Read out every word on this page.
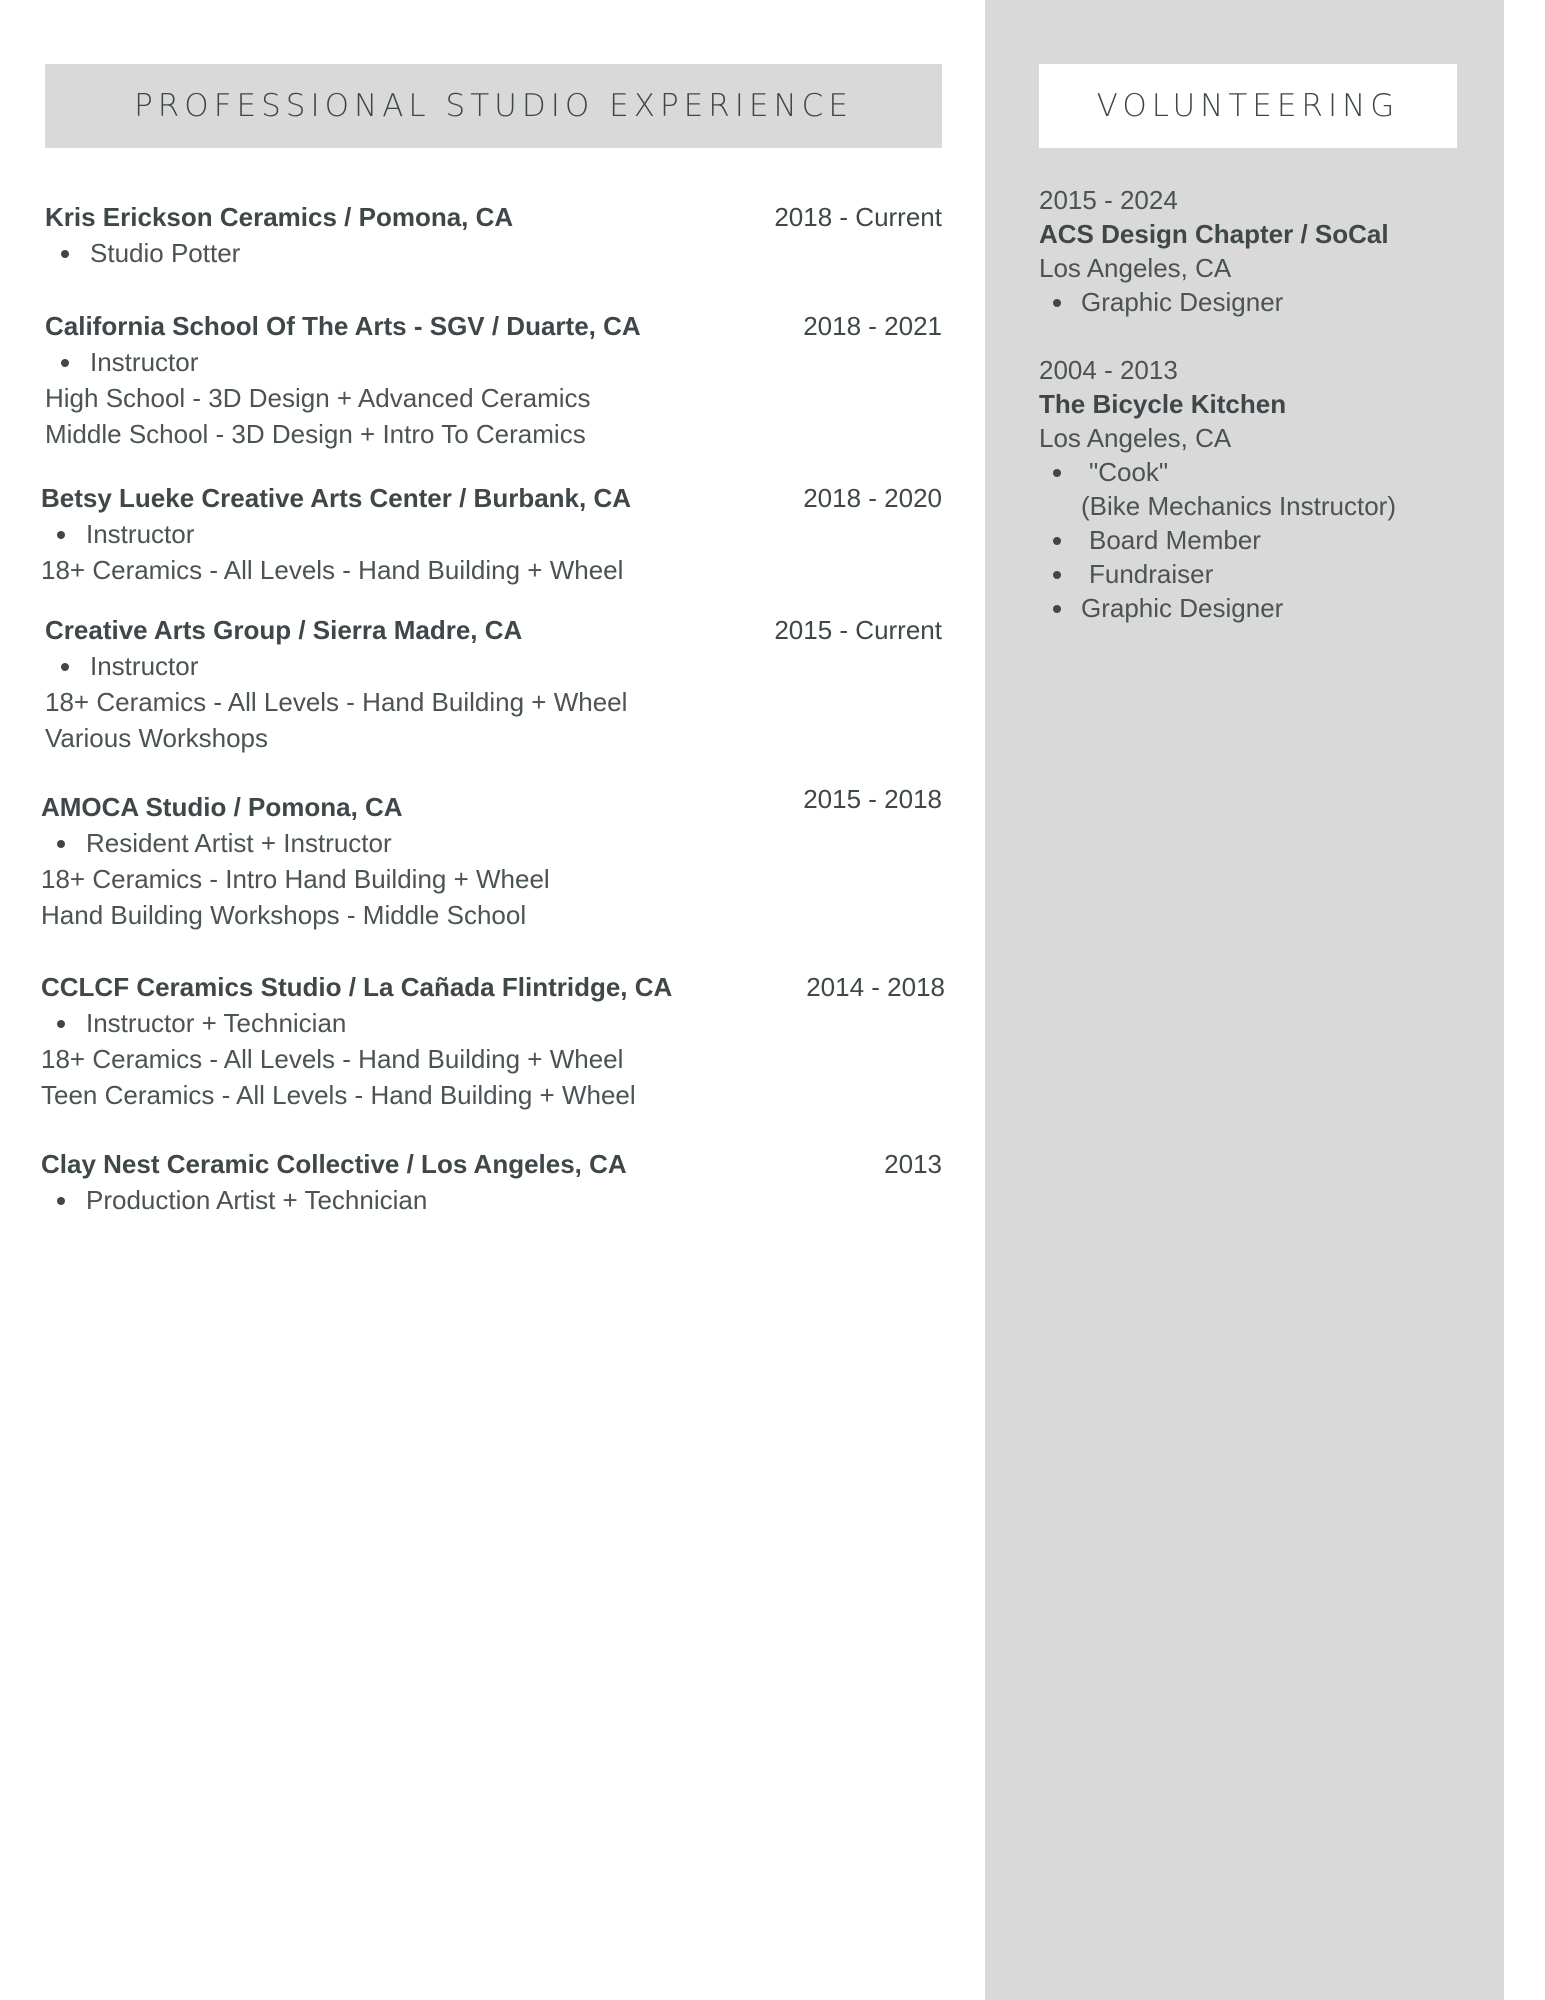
PROFESSIONAL STUDIO EXPERIENCE	VOLUNTEERING
Kris Erickson Ceramics / Pomona, CA
Studio Potter
2018 - Current
California School Of The Arts - SGV / Duarte, CA
Instructor
High School - 3D Design + Advanced Ceramics
Middle School - 3D Design + Intro To Ceramics
2018 - 2021
Betsy Lueke Creative Arts Center / Burbank, CA
Instructor
18+ Ceramics - All Levels - Hand Building + Wheel
2018 - 2020
Creative Arts Group / Sierra Madre, CA
Instructor
18+ Ceramics - All Levels - Hand Building + Wheel
Various Workshops
2015 - Current
AMOCA Studio / Pomona, CA
Resident Artist + Instructor
18+ Ceramics - Intro Hand Building + Wheel
Hand Building Workshops - Middle School
2015 - 2018
CCLCF Ceramics Studio / La Cañada Flintridge, CA
Instructor + Technician
18+ Ceramics - All Levels - Hand Building + Wheel
Teen Ceramics - All Levels - Hand Building + Wheel
2014 - 2018
Clay Nest Ceramic Collective / Los Angeles, CA
Production Artist + Technician
2013
2015 - 2024
ACS Design Chapter / SoCal
Los Angeles, CA
Graphic Designer
2004 - 2013
The Bicycle Kitchen
Los Angeles, CA
"Cook"
(Bike Mechanics Instructor)
Board Member
Fundraiser
Graphic Designer
